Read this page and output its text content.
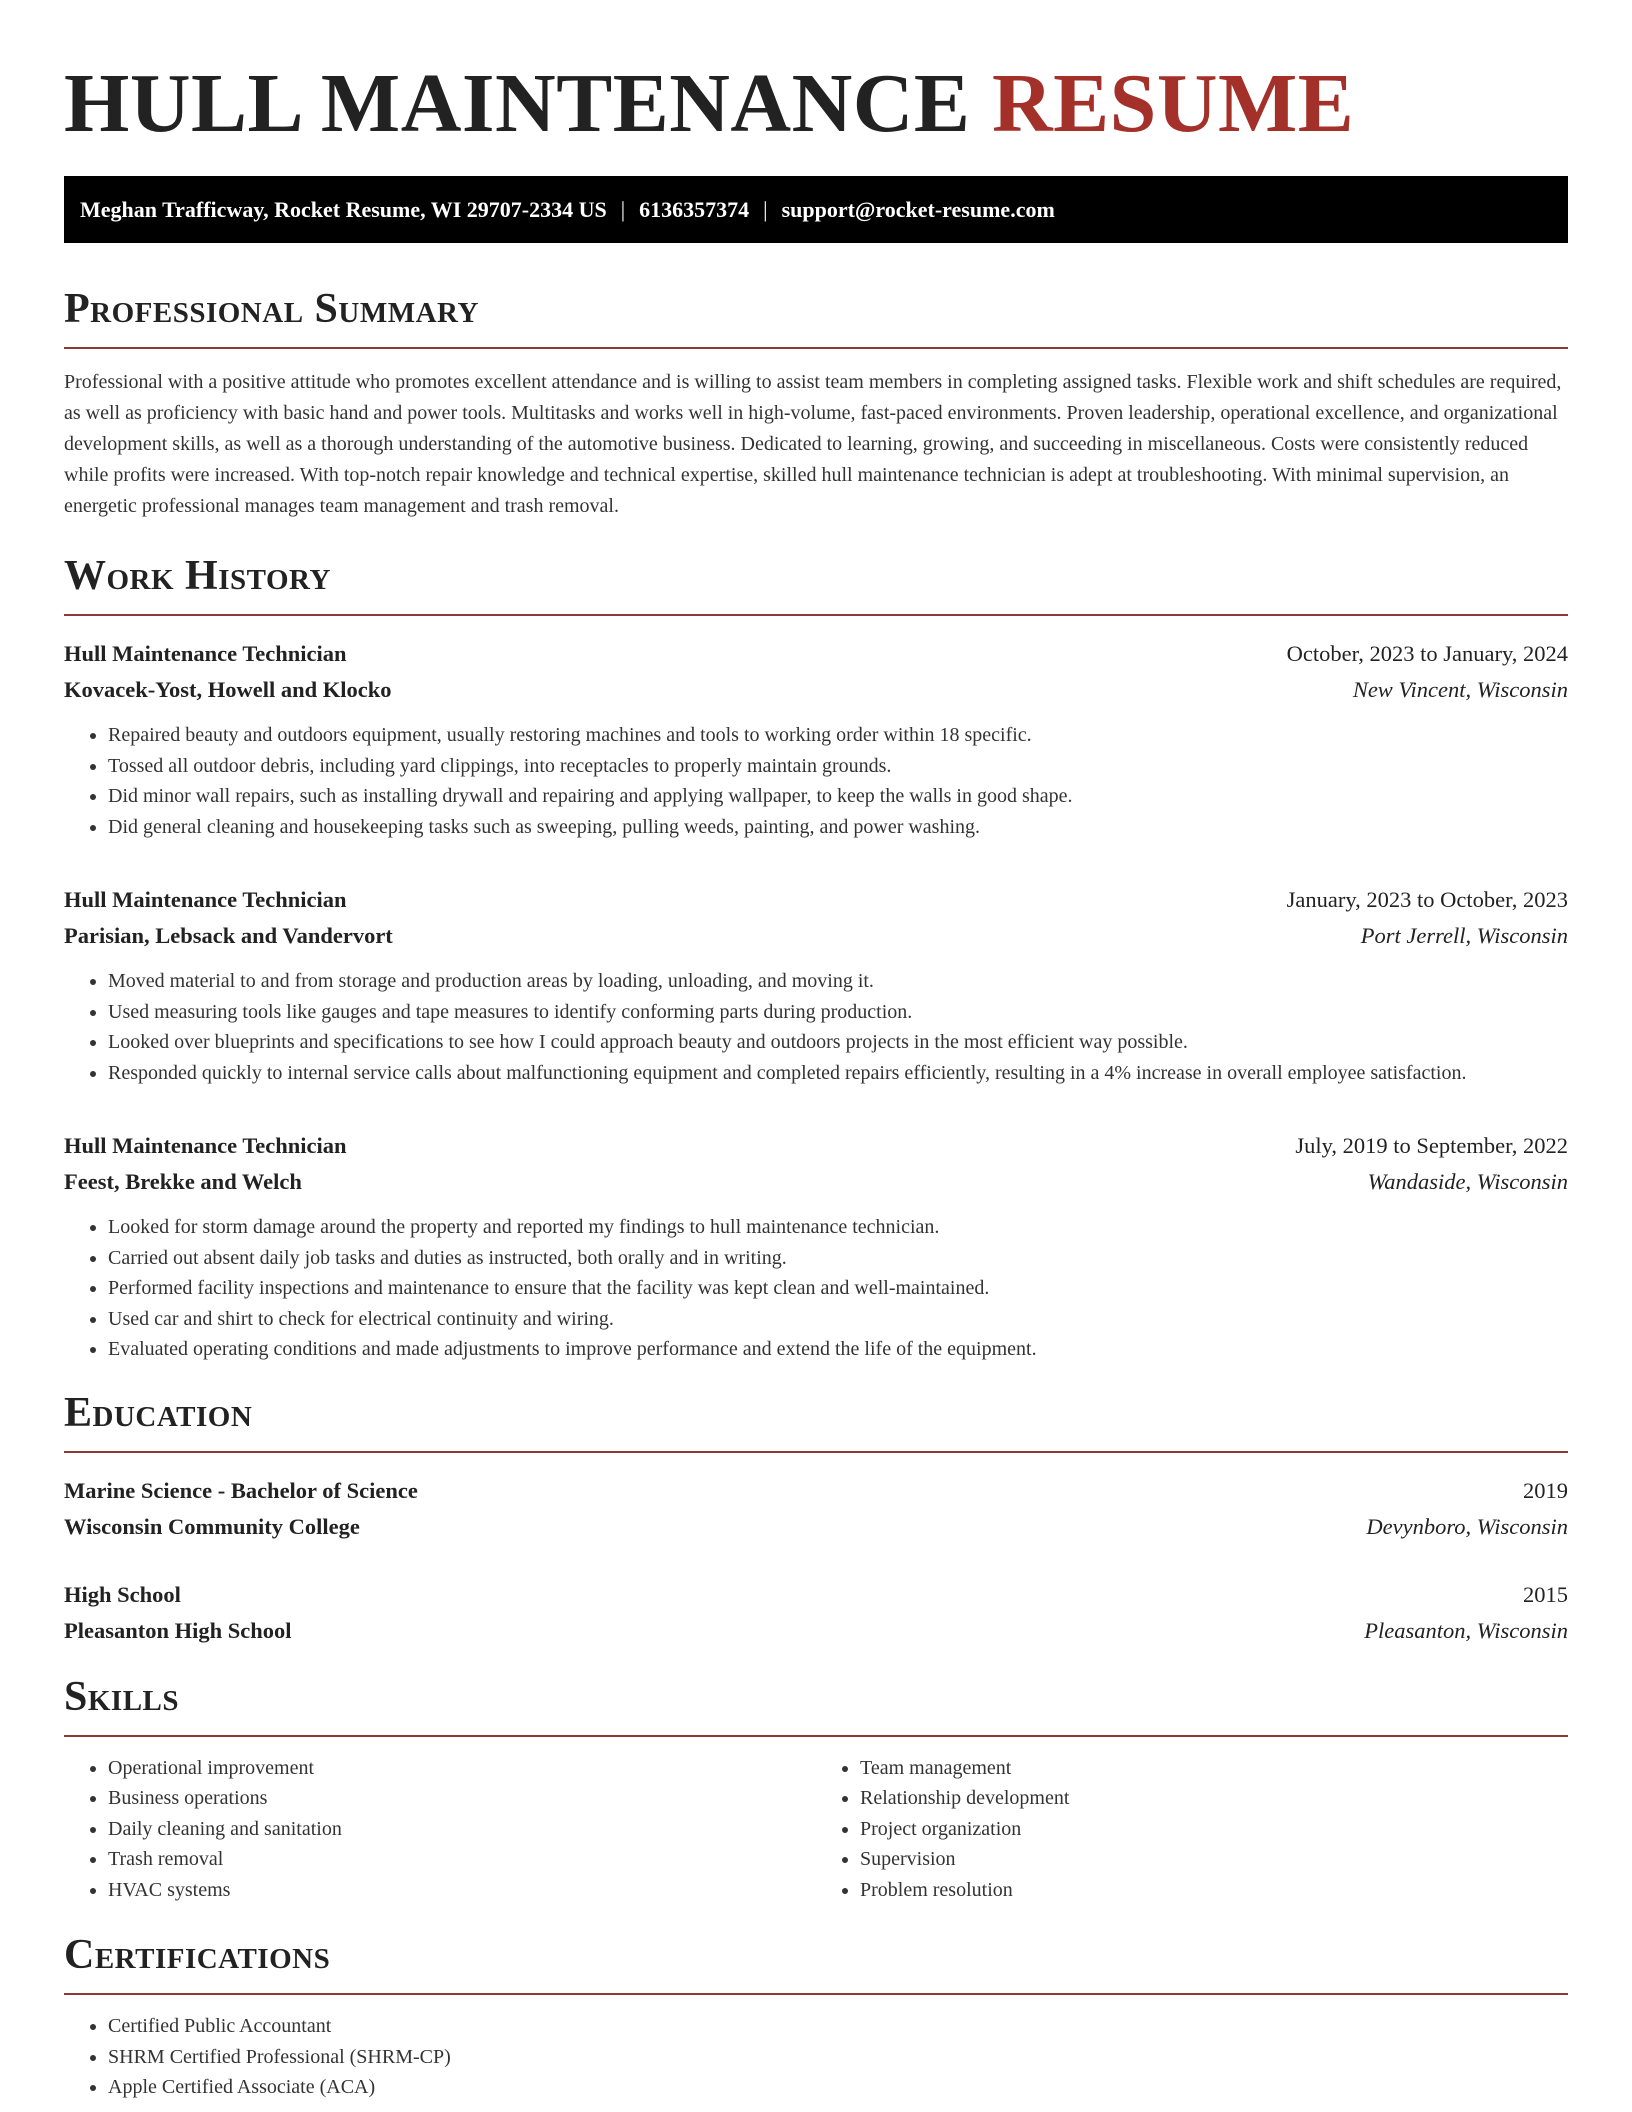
HULL MAINTENANCE RESUME
Meghan Trafficway, Rocket Resume, WI 29707-2334 US | 6136357374 | support@rocket-resume.com
Professional Summary

Professional with a positive attitude who promotes excellent attendance and is willing to assist team members in completing assigned tasks. Flexible work and shift schedules are required, as well as proficiency with basic hand and power tools. Multitasks and works well in high-volume, fast-paced environments. Proven leadership, operational excellence, and organizational development skills, as well as a thorough understanding of the automotive business. Dedicated to learning, growing, and succeeding in miscellaneous. Costs were consistently reduced while profits were increased. With top-notch repair knowledge and technical expertise, skilled hull maintenance technician is adept at troubleshooting. With minimal supervision, an energetic professional manages team management and trash removal.

Work History
Hull Maintenance Technician	October, 2023 to January, 2024
Kovacek-Yost, Howell and Klocko	New Vincent, Wisconsin
• Repaired beauty and outdoors equipment, usually restoring machines and tools to working order within 18 specific.
• Tossed all outdoor debris, including yard clippings, into receptacles to properly maintain grounds.
• Did minor wall repairs, such as installing drywall and repairing and applying wallpaper, to keep the walls in good shape.
• Did general cleaning and housekeeping tasks such as sweeping, pulling weeds, painting, and power washing.
Hull Maintenance Technician	January, 2023 to October, 2023
Parisian, Lebsack and Vandervort	Port Jerrell, Wisconsin
• Moved material to and from storage and production areas by loading, unloading, and moving it.
• Used measuring tools like gauges and tape measures to identify conforming parts during production.
• Looked over blueprints and specifications to see how I could approach beauty and outdoors projects in the most efficient way possible.
• Responded quickly to internal service calls about malfunctioning equipment and completed repairs efficiently, resulting in a 4% increase in overall employee satisfaction.
Hull Maintenance Technician	July, 2019 to September, 2022
Feest, Brekke and Welch	Wandaside, Wisconsin
• Looked for storm damage around the property and reported my findings to hull maintenance technician.
• Carried out absent daily job tasks and duties as instructed, both orally and in writing.
• Performed facility inspections and maintenance to ensure that the facility was kept clean and well-maintained.
• Used car and shirt to check for electrical continuity and wiring.
• Evaluated operating conditions and made adjustments to improve performance and extend the life of the equipment.
Education
Marine Science - Bachelor of Science	2019
Wisconsin Community College	Devynboro, Wisconsin
High School	2015
Pleasanton High School	Pleasanton, Wisconsin
Skills
• Operational improvement
• Business operations
• Daily cleaning and sanitation
• Trash removal
• HVAC systems
• Team management
• Relationship development
• Project organization
• Supervision
• Problem resolution
Certifications
• Certified Public Accountant
• SHRM Certified Professional (SHRM-CP)
• Apple Certified Associate (ACA)
